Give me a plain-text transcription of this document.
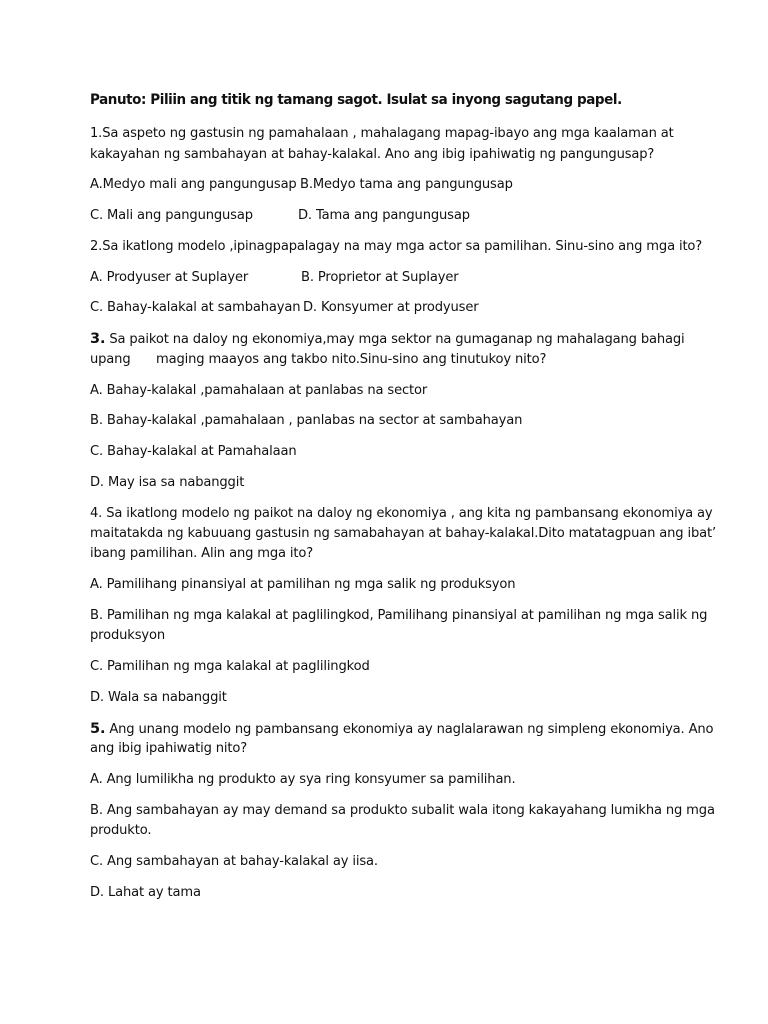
Panuto: Piliin ang titik ng tamang sagot. Isulat sa inyong sagutang papel.
1.Sa aspeto ng gastusin ng pamahalaan , mahalagang mapag-ibayo ang mga kaalaman at
kakayahan ng sambahayan at bahay-kalakal. Ano ang ibig ipahiwatig ng pangungusap?
A.Medyo mali ang pangungusap B.Medyo tama ang pangungusap
C. Mali ang pangungusap	D. Tama ang pangungusap
2.Sa ikatlong modelo ,ipinagpapalagay na may mga actor sa pamilihan. Sinu-sino ang mga ito?
A. Prodyuser at Suplayer	B. Proprietor at Suplayer
C. Bahay-kalakal at sambahayan D. Konsyumer at prodyuser
3. Sa paikot na daloy ng ekonomiya,may mga sektor na gumaganap ng mahalagang bahagi
upang maging maayos ang takbo nito.Sinu-sino ang tinutukoy nito?
A. Bahay-kalakal ,pamahalaan at panlabas na sector
B. Bahay-kalakal ,pamahalaan , panlabas na sector at sambahayan
C. Bahay-kalakal at Pamahalaan
D. May isa sa nabanggit
4. Sa ikatlong modelo ng paikot na daloy ng ekonomiya , ang kita ng pambansang ekonomiya ay
maitatakda ng kabuuang gastusin ng samabahayan at bahay-kalakal.Dito matatagpuan ang ibat’
ibang pamilihan. Alin ang mga ito?
A. Pamilihang pinansiyal at pamilihan ng mga salik ng produksyon
B. Pamilihan ng mga kalakal at paglilingkod, Pamilihang pinansiyal at pamilihan ng mga salik ng
produksyon
C. Pamilihan ng mga kalakal at paglilingkod
D. Wala sa nabanggit
5. Ang unang modelo ng pambansang ekonomiya ay naglalarawan ng simpleng ekonomiya. Ano
ang ibig ipahiwatig nito?
A. Ang lumilikha ng produkto ay sya ring konsyumer sa pamilihan.
B. Ang sambahayan ay may demand sa produkto subalit wala itong kakayahang lumikha ng mga
produkto.
C. Ang sambahayan at bahay-kalakal ay iisa.
D. Lahat ay tama
